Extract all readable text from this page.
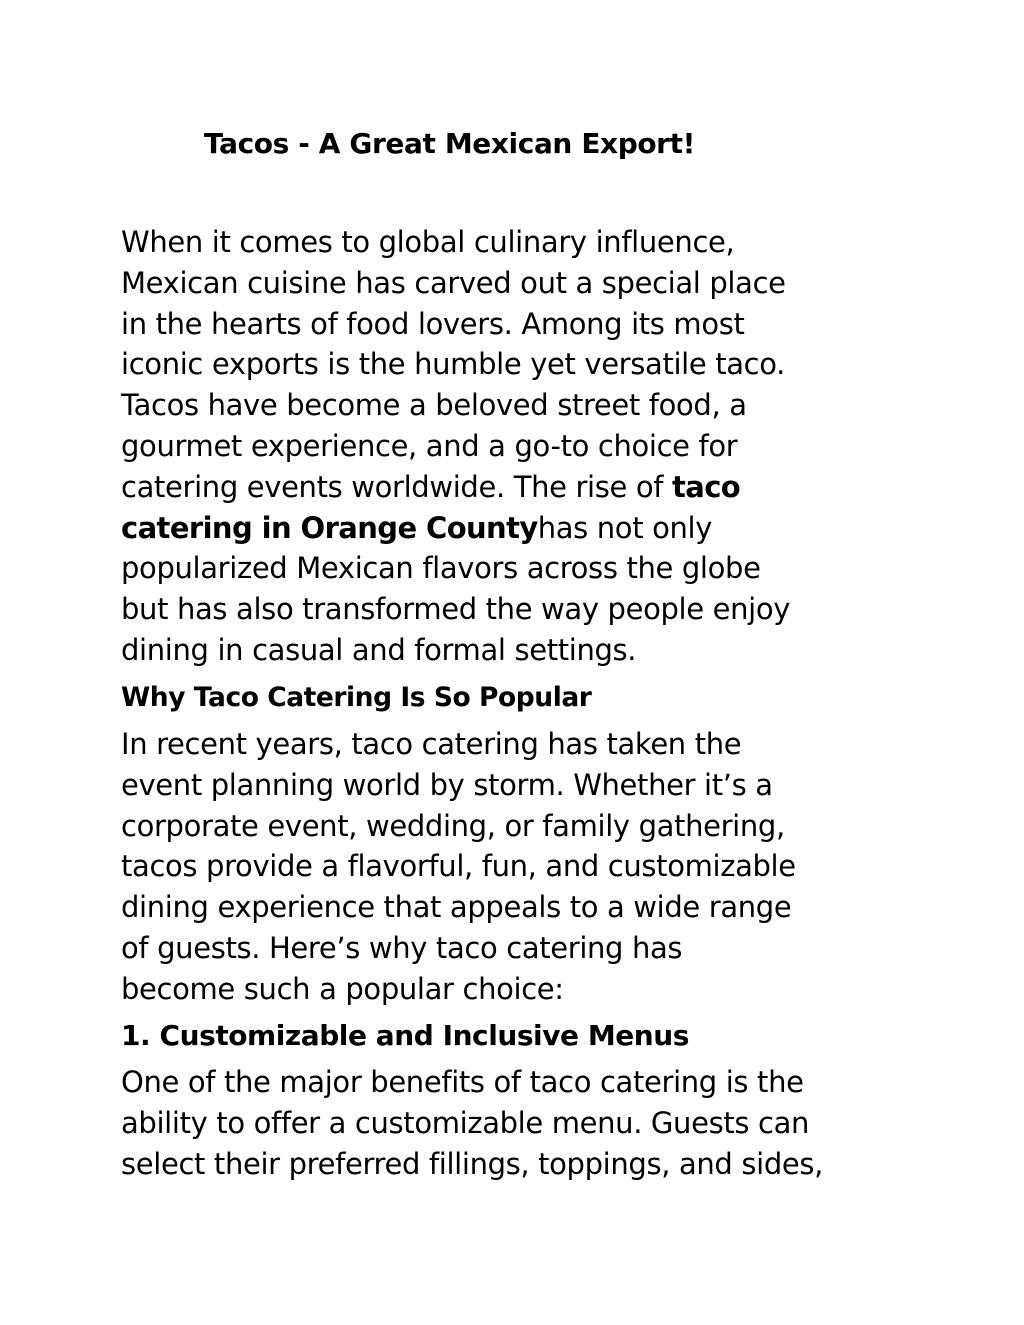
Tacos - A Great Mexican Export!

When it comes to global culinary influence,
Mexican cuisine has carved out a special place
in the hearts of food lovers. Among its most
iconic exports is the humble yet versatile taco.
Tacos have become a beloved street food, a
gourmet experience, and a go-to choice for
catering events worldwide. The rise of taco
catering in Orange Countyhas not only
popularized Mexican flavors across the globe
but has also transformed the way people enjoy
dining in casual and formal settings.

Why Taco Catering Is So Popular

In recent years, taco catering has taken the
event planning world by storm. Whether it’s a
corporate event, wedding, or family gathering,
tacos provide a flavorful, fun, and customizable
dining experience that appeals to a wide range
of guests. Here’s why taco catering has
become such a popular choice:

1. Customizable and Inclusive Menus

One of the major benefits of taco catering is the
ability to offer a customizable menu. Guests can
select their preferred fillings, toppings, and sides,
